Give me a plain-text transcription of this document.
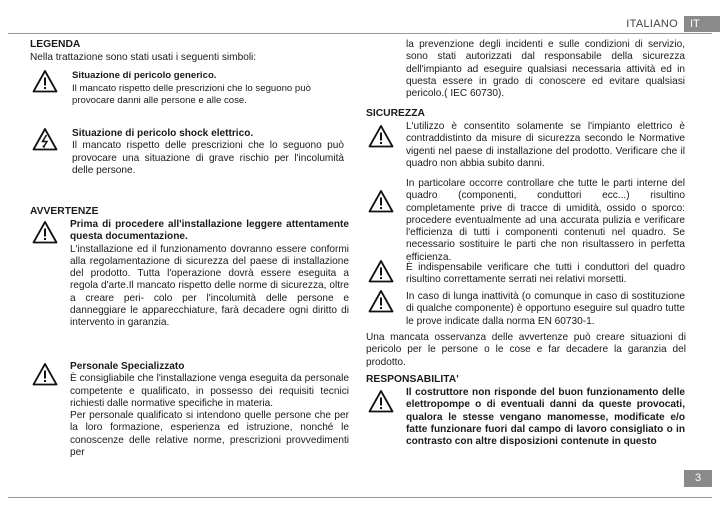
ITALIANO	IT

LEGENDA

Nella trattazione sono stati usati i seguenti simboli:

Situazione di pericolo generico.

Il mancato rispetto delle prescrizioni che lo seguono può provocare danni alle persone e alle cose.

Situazione di pericolo shock elettrico.

Il mancato rispetto delle prescrizioni che lo seguono può provocare una situazione di grave rischio per l'incolumità delle persone.

AVVERTENZE

Prima di procedere all'installazione leggere attentamente questa documentazione.

L'installazione ed il funzionamento dovranno essere conformi alla regolamentazione di sicurezza del paese di installazione del prodotto. Tutta l'operazione dovrà essere eseguita a regola d'arte.Il mancato rispetto delle norme di sicurezza, oltre a creare peri- colo per l'incolumità delle persone e danneggiare le apparecchiature, farà decadere ogni diritto di intervento in garanzia.

Personale Specializzato

È consigliabile che l'installazione venga eseguita da personale competente e qualificato, in possesso dei requisiti tecnici richiesti dalle normative specifiche in materia.

Per personale qualificato si intendono quelle persone che per la loro formazione, esperienza ed istruzione, nonché le conoscenze delle relative norme, prescrizioni provvedimenti per

la prevenzione degli incidenti e sulle condizioni di servizio, sono stati autorizzati dal responsabile della sicurezza dell'impianto ad eseguire qualsiasi necessaria attività ed in questa essere in grado di conoscere ed evitare qualsiasi pericolo.( IEC 60730).

SICUREZZA

L'utilizzo è consentito solamente se l'impianto elettrico è contraddistinto da misure di sicurezza secondo le Normative vigenti nel paese di installazione del prodotto. Verificare che il quadro non abbia subito danni.

In particolare occorre controllare che tutte le parti interne del quadro (componenti, conduttori ecc...) risultino completamente prive di tracce di umidità, ossido o sporco: procedere eventualmente ad una accurata pulizia e verificare l'efficienza di tutti i componenti contenuti nel quadro. Se necessario sostituire le parti che non risultassero in perfetta efficienza.

È indispensabile verificare che tutti i conduttori del quadro risultino correttamente serrati nei relativi morsetti.

In caso di lunga inattività (o comunque in caso di sostituzione di qualche componente) è opportuno eseguire sul quadro tutte le prove indicate dalla norma EN 60730-1.

Una mancata osservanza delle avvertenze può creare situazioni di pericolo per le persone o le cose e far decadere la garanzia del prodotto.

RESPONSABILITA'

Il costruttore non risponde del buon funzionamento delle elettropompe o di eventuali danni da queste provocati, qualora le stesse vengano manomesse, modificate e/o fatte funzionare fuori dal campo di lavoro consigliato o in contrasto con altre disposizioni contenute in questo

3
